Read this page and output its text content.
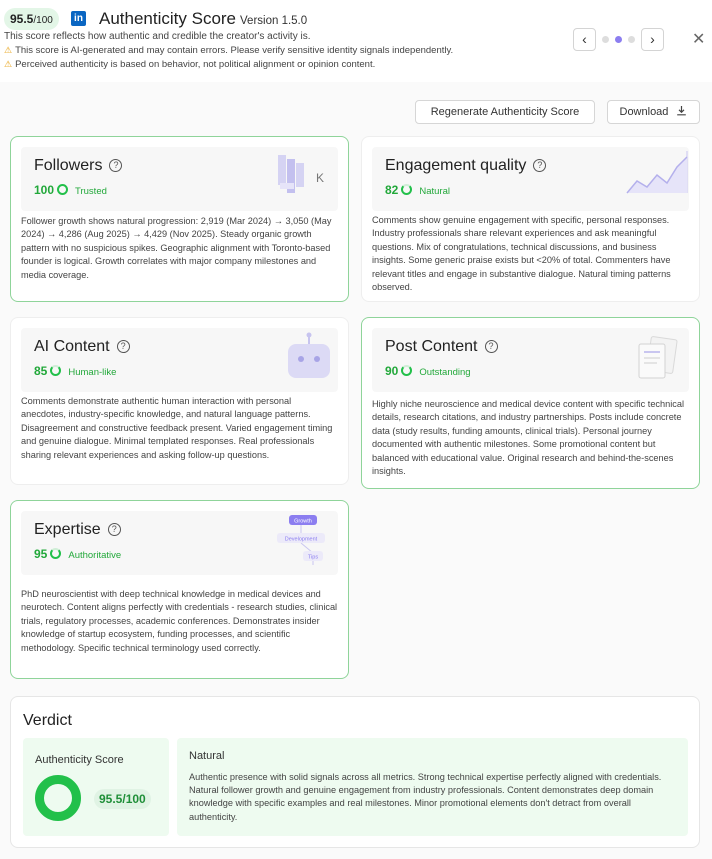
95.5/100	in Authenticity Score Version 1.5.0
This score reflects how authentic and credible the creator's activity is.
⚠ This score is AI-generated and may contain errors. Please verify sensitive identity signals independently.
⚠ Perceived authenticity is based on behavior, not political alignment or opinion content.
‹	›	✕
Regenerate Authenticity Score	Download
Followers ?
100 Trusted
K
Follower growth shows natural progression: 2,919 (Mar 2024) → 3,050 (May 2024) → 4,286 (Aug 2025) → 4,429 (Nov 2025). Steady organic growth pattern with no suspicious spikes. Geographic alignment with Toronto-based founder is logical. Growth correlates with major company milestones and media coverage.
Engagement quality ?
82 Natural
Comments show genuine engagement with specific, personal responses. Industry professionals share relevant experiences and ask meaningful questions. Mix of congratulations, technical discussions, and business insights. Some generic praise exists but <20% of total. Commenters have relevant titles and engage in substantive dialogue. Natural timing patterns observed.
AI Content ?
85 Human-like
Comments demonstrate authentic human interaction with personal anecdotes, industry-specific knowledge, and natural language patterns. Disagreement and constructive feedback present. Varied engagement timing and genuine dialogue. Minimal templated responses. Real professionals sharing relevant experiences and asking follow-up questions.
Post Content ?
90 Outstanding
Highly niche neuroscience and medical device content with specific technical details, research citations, and industry partnerships. Posts include concrete data (study results, funding amounts, clinical trials). Personal journey documented with authentic milestones. Some promotional content but balanced with educational value. Original research and behind-the-scenes insights.
Expertise ?
95 Authoritative
Growth
Development
Tips
PhD neuroscientist with deep technical knowledge in medical devices and neurotech. Content aligns perfectly with credentials - research studies, clinical trials, regulatory processes, academic conferences. Demonstrates insider knowledge of startup ecosystem, funding processes, and scientific methodology. Specific technical terminology used correctly.
Verdict
Authenticity Score
95.5/100
Natural
Authentic presence with solid signals across all metrics. Strong technical expertise perfectly aligned with credentials. Natural follower growth and genuine engagement from industry professionals. Content demonstrates deep domain knowledge with specific examples and real milestones. Minor promotional elements don't detract from overall authenticity.
